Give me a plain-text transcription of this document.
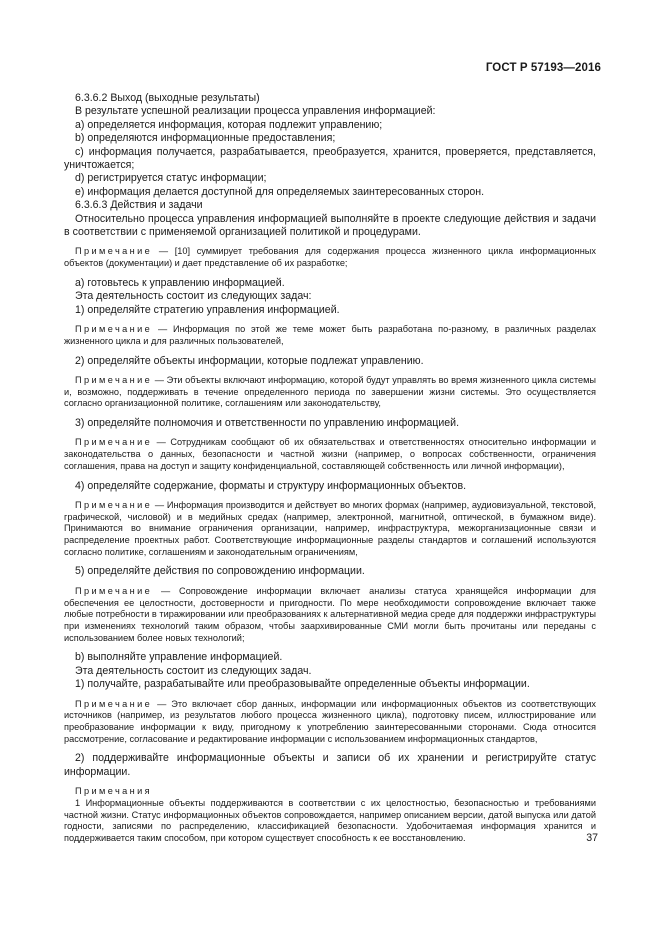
ГОСТ Р 57193—2016

6.3.6.2 Выход (выходные результаты)

В результате успешной реализации процесса управления информацией:

a) определяется информация, которая подлежит управлению;

b) определяются информационные предоставления;

c) информация получается, разрабатывается, преобразуется, хранится, проверяется, представляется, уничтожается;

d) регистрируется статус информации;

e) информация делается доступной для определяемых заинтересованных сторон.

6.3.6.3 Действия и задачи

Относительно процесса управления информацией выполняйте в проекте следующие действия и задачи в соответствии с применяемой организацией политикой и процедурами.

Примечание — [10] суммирует требования для содержания процесса жизненного цикла информационных объектов (документации) и дает представление об их разработке;

a) готовьтесь к управлению информацией.

Эта деятельность состоит из следующих задач:

1) определяйте стратегию управления информацией.

Примечание — Информация по этой же теме может быть разработана по-разному, в различных разделах жизненного цикла и для различных пользователей,

2) определяйте объекты информации, которые подлежат управлению.

Примечание — Эти объекты включают информацию, которой будут управлять во время жизненного цикла системы и, возможно, поддерживать в течение определенного периода по завершении жизни системы. Это осуществляется согласно организационной политике, соглашениям или законодательству,

3) определяйте полномочия и ответственности по управлению информацией.

Примечание — Сотрудникам сообщают об их обязательствах и ответственностях относительно информации и законодательства о данных, безопасности и частной жизни (например, о вопросах собственности, ограничения соглашения, права на доступ и защиту конфиденциальной, составляющей собственность или личной информации),

4) определяйте содержание, форматы и структуру информационных объектов.

Примечание — Информация производится и действует во многих формах (например, аудиовизуальной, текстовой, графической, числовой) и в медийных средах (например, электронной, магнитной, оптической, в бумажном виде). Принимаются во внимание ограничения организации, например, инфраструктура, межорганизационные связи и распределение проектных работ. Соответствующие информационные разделы стандартов и соглашений используются согласно политике, соглашениям и законодательным ограничениям,

5) определяйте действия по сопровождению информации.

Примечание — Сопровождение информации включает анализы статуса хранящейся информации для обеспечения ее целостности, достоверности и пригодности. По мере необходимости сопровождение включает также любые потребности в тиражировании или преобразованиях к альтернативной медиа среде для поддержки инфраструктуры при изменениях технологий таким образом, чтобы заархивированные СМИ могли быть прочитаны или переданы с использованием более новых технологий;

b) выполняйте управление информацией.

Эта деятельность состоит из следующих задач.

1) получайте, разрабатывайте или преобразовывайте определенные объекты информации.

Примечание — Это включает сбор данных, информации или информационных объектов из соответствующих источников (например, из результатов любого процесса жизненного цикла), подготовку писем, иллюстрирование или преобразование информации к виду, пригодному к употреблению заинтересованными сторонами. Сюда относится рассмотрение, согласование и редактирование информации с использованием информационных стандартов,

2) поддерживайте информационные объекты и записи об их хранении и регистрируйте статус информации.

Примечания

1 Информационные объекты поддерживаются в соответствии с их целостностью, безопасностью и требованиями частной жизни. Статус информационных объектов сопровождается, например описанием версии, датой выпуска или датой годности, записями по распределению, классификацией безопасности. Удобочитаемая информация хранится и поддерживается таким способом, при котором существует способность к ее восстановлению.	37
